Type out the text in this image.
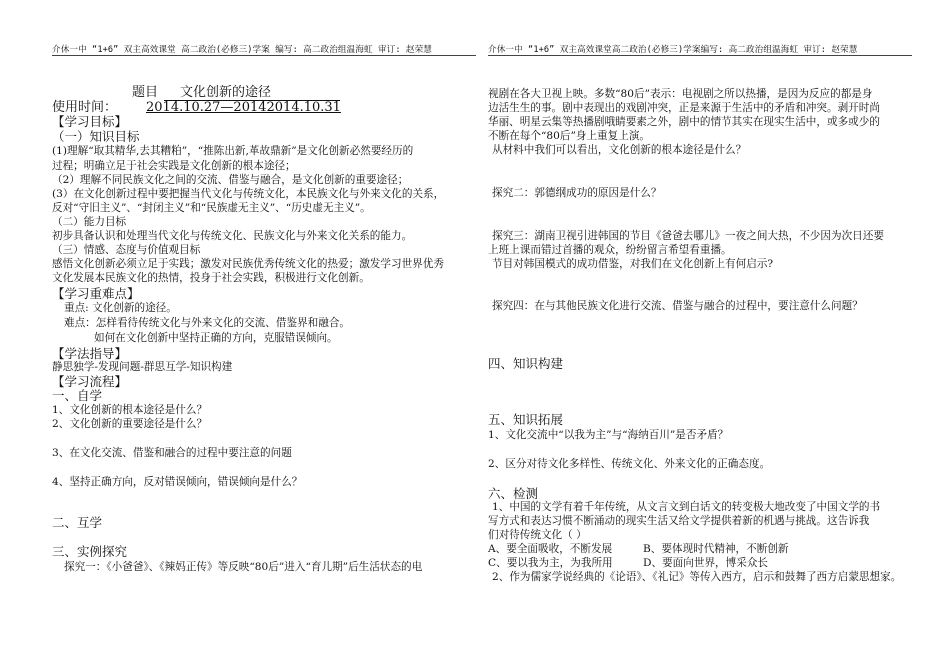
介休一中 “1+6” 双主高效课堂 高二政治(必修三)学案 编写: 高二政治组温海虹 审订: 赵荣慧	介休一中 “1+6” 双主高效课堂高二政治(必修三)学案编写: 高二政治组温海虹 审订: 赵荣慧
题目 文化创新的途径
使用时间：	2014.10.27—20142014.10.31
【学习目标】
（一）知识目标
(1)理解“取其精华,去其糟粕”，“推陈出新,革故鼎新”是文化创新必然要经历的
过程；明确立足于社会实践是文化创新的根本途径；
（2）理解不同民族文化之间的交流、借鉴与融合，是文化创新的重要途径；
(3）在文化创新过程中要把握当代文化与传统文化，本民族文化与外来文化的关系，
反对“守旧主义”、“封闭主义”和“民族虚无主义”、“历史虚无主义”。
（二）能力目标
初步具备认识和处理当代文化与传统文化、民族文化与外来文化关系的能力。
（三）情感、态度与价值观目标
感悟文化创新必须立足于实践；激发对民族优秀传统文化的热爱；激发学习世界优秀
文化发展本民族文化的热情，投身于社会实践，积极进行文化创新。
【学习重难点】
重点: 文化创新的途径。
难点：怎样看待传统文化与外来文化的交流、借鉴界和融合。
如何在文化创新中坚持正确的方向，克服错误倾向。
【学法指导】
静思独学-发现问题-群思互学-知识构建
【学习流程】
一、自学
1、文化创新的根本途径是什么？
2、文化创新的重要途径是什么？
3、在文化交流、借鉴和融合的过程中要注意的问题
4、坚持正确方向，反对错误倾向，错误倾向是什么？
二、互学
三、实例探究
探究一：《小爸爸》、《辣妈正传》等反映“80后”进入“育儿期”后生活状态的电
视剧在各大卫视上映。多数“80后”表示：电视剧之所以热播，是因为反应的都是身
边活生生的事。剧中表现出的戏剧冲突，正是来源于生活中的矛盾和冲突。剥开时尚
华丽、明星云集等热播剧哦睛要素之外，剧中的情节其实在现实生活中，或多或少的
不断在每个“80后”身上重复上演。
从材料中我们可以看出，文化创新的根本途径是什么？
探究二：郭德纲成功的原因是什么？
探究三：湖南卫视引进韩国的节目《爸爸去哪儿》一夜之间大热，不少因为次日还要
上班上课而错过首播的观众，纷纷留言希望看重播。
节目对韩国模式的成功借鉴，对我们在文化创新上有何启示?
探究四：在与其他民族文化进行交流、借鉴与融合的过程中，要注意什么问题？
四、知识构建
五、知识拓展
1、文化交流中“以我为主”与“海纳百川”是否矛盾？
2、区分对待文化多样性、传统文化、外来文化的正确态度。
六、检测
1、中国的文学有着千年传统，从文言文到白话文的转变极大地改变了中国文学的书
写方式和表达习惯不断涌动的现实生活又给文学提供着新的机遇与挑战。这告诉我
们对待传统文化（ ）
A、要全面吸收，不断发展	B、要体现时代精神，不断创新
C、要以我为主，为我所用	D、要面向世界，博采众长
2、作为儒家学说经典的《论语》、《礼记》等传入西方，启示和鼓舞了西方启蒙思想家。
